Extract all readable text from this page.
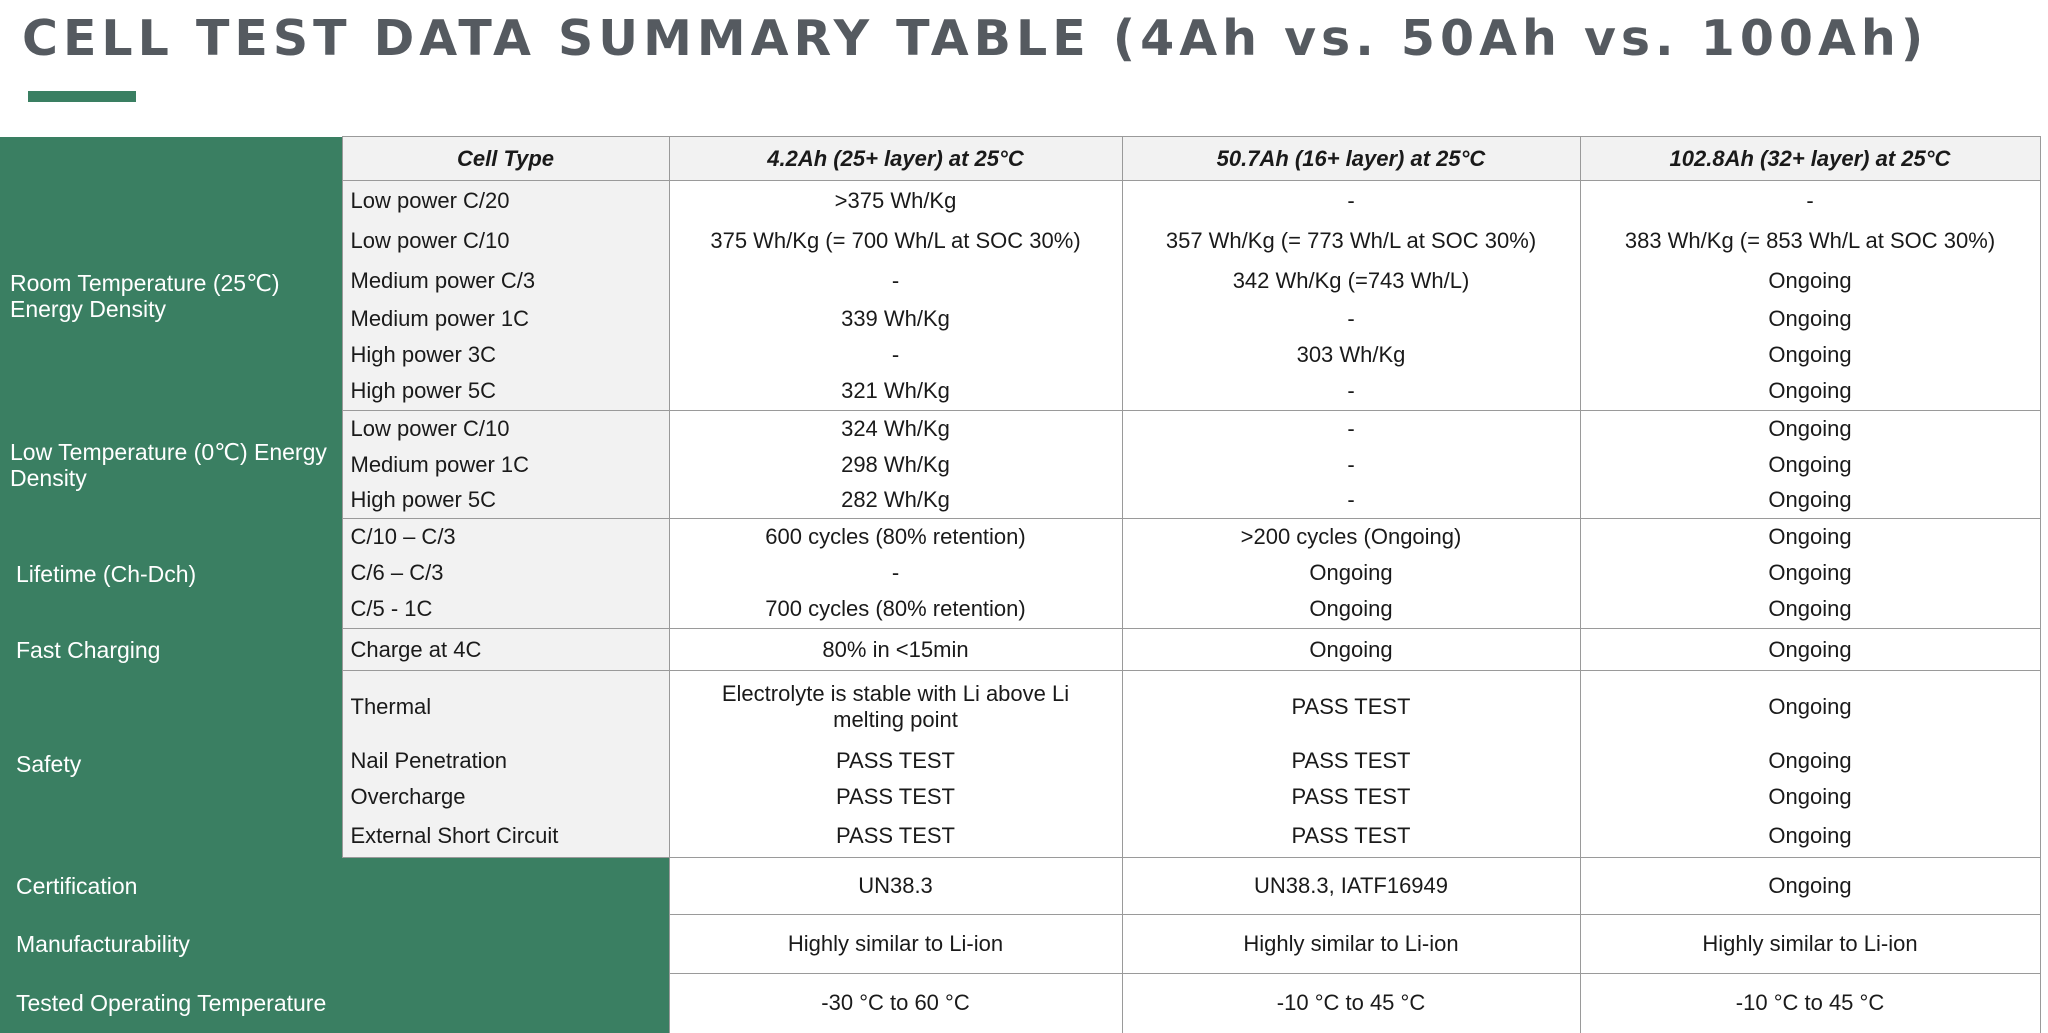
CELL TEST DATA SUMMARY TABLE (4Ah vs. 50Ah vs. 100Ah)
	Cell Type	4.2Ah (25+ layer) at 25°C	50.7Ah (16+ layer) at 25°C	102.8Ah (32+ layer) at 25°C
Room Temperature (25℃) Energy Density	Low power C/20	>375 Wh/Kg	-	-
	Low power C/10	375 Wh/Kg (= 700 Wh/L at SOC 30%)	357 Wh/Kg (= 773 Wh/L at SOC 30%)	383 Wh/Kg (= 853 Wh/L at SOC 30%)
	Medium power C/3	-	342 Wh/Kg (=743 Wh/L)	Ongoing
	Medium power 1C	339 Wh/Kg	-	Ongoing
	High power 3C	-	303 Wh/Kg	Ongoing
	High power 5C	321 Wh/Kg	-	Ongoing
Low Temperature (0℃) Energy Density	Low power C/10	324 Wh/Kg	-	Ongoing
	Medium power 1C	298 Wh/Kg	-	Ongoing
	High power 5C	282 Wh/Kg	-	Ongoing
Lifetime (Ch-Dch)	C/10 – C/3	600 cycles (80% retention)	>200 cycles (Ongoing)	Ongoing
	C/6 – C/3	-	Ongoing	Ongoing
	C/5 - 1C	700 cycles (80% retention)	Ongoing	Ongoing
Fast Charging	Charge at 4C	80% in <15min	Ongoing	Ongoing
Safety	Thermal	Electrolyte is stable with Li above Li melting point	PASS TEST	Ongoing
	Nail Penetration	PASS TEST	PASS TEST	Ongoing
	Overcharge	PASS TEST	PASS TEST	Ongoing
	External Short Circuit	PASS TEST	PASS TEST	Ongoing
Certification		UN38.3	UN38.3, IATF16949	Ongoing
Manufacturability		Highly similar to Li-ion	Highly similar to Li-ion	Highly similar to Li-ion
Tested Operating Temperature		-30 °C to 60 °C	-10 °C to 45 °C	-10 °C to 45 °C
